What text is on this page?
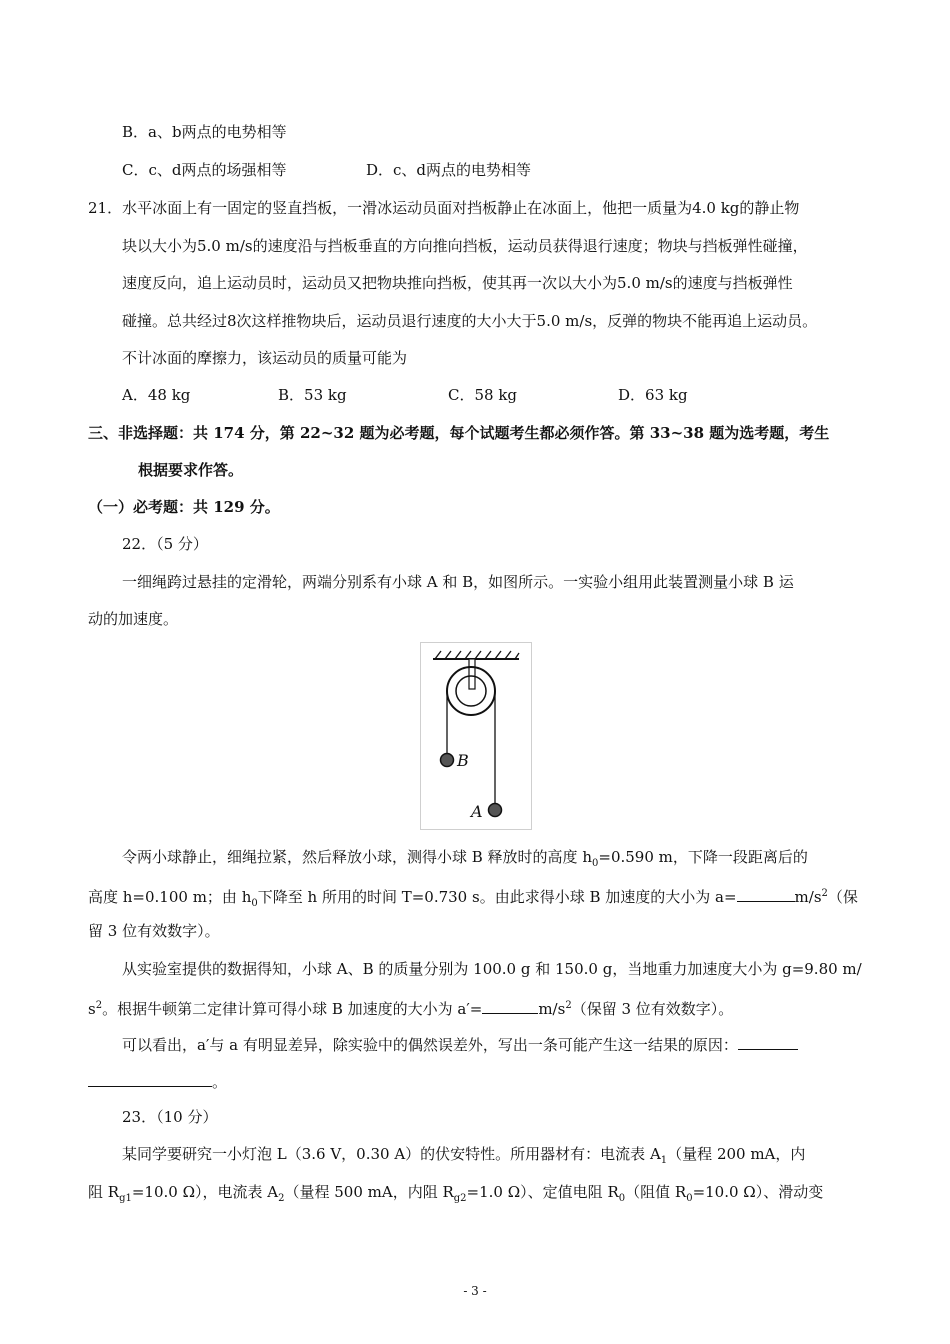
B．a、b两点的电势相等
C．c、d两点的场强相等	D．c、d两点的电势相等
21．水平冰面上有一固定的竖直挡板，一滑冰运动员面对挡板静止在冰面上，他把一质量为4.0 kg的静止物
块以大小为5.0 m/s的速度沿与挡板垂直的方向推向挡板，运动员获得退行速度；物块与挡板弹性碰撞，
速度反向，追上运动员时，运动员又把物块推向挡板，使其再一次以大小为5.0 m/s的速度与挡板弹性
碰撞。总共经过8次这样推物块后，运动员退行速度的大小大于5.0 m/s，反弹的物块不能再追上运动员。
不计冰面的摩擦力，该运动员的质量可能为
A．48 kg	B．53 kg	C．58 kg	D．63 kg
三、非选择题：共 174 分，第 22~32 题为必考题，每个试题考生都必须作答。第 33~38 题为选考题，考生
根据要求作答。
（一）必考题：共 129 分。
22．（5 分）
一细绳跨过悬挂的定滑轮，两端分别系有小球 A 和 B，如图所示。一实验小组用此装置测量小球 B 运
动的加速度。
B
A
令两小球静止，细绳拉紧，然后释放小球，测得小球 B 释放时的高度 $h_0=0.590$ m，下降一段距离后的
高度 h=0.100 m；由 $h_0$下降至 h 所用的时间 T=0.730 s。由此求得小球 B 加速度的大小为 a=	$m/s^2$（保
留 3 位有效数字）。
从实验室提供的数据得知，小球 A、B 的质量分别为 100.0 g 和 150.0 g，当地重力加速度大小为 g=9.80 m/
$s^2$。根据牛顿第二定律计算可得小球 B 加速度的大小为 a′=	$m/s^2$（保留 3 位有效数字）。
可以看出，a′与 a 有明显差异，除实验中的偶然误差外，写出一条可能产生这一结果的原因：
。
23．（10 分）
某同学要研究一小灯泡 L（3.6 V，0.30 A）的伏安特性。所用器材有：电流表 $A_1$（量程 200 mA，内
阻 $R_{g1}=10.0$ Ω），电流表 $A_2$（量程 500 mA，内阻 $R_{g2}=1.0$ Ω）、定值电阻 $R_0$（阻值 $R_0=10.0$ Ω）、滑动变
- 3 -
